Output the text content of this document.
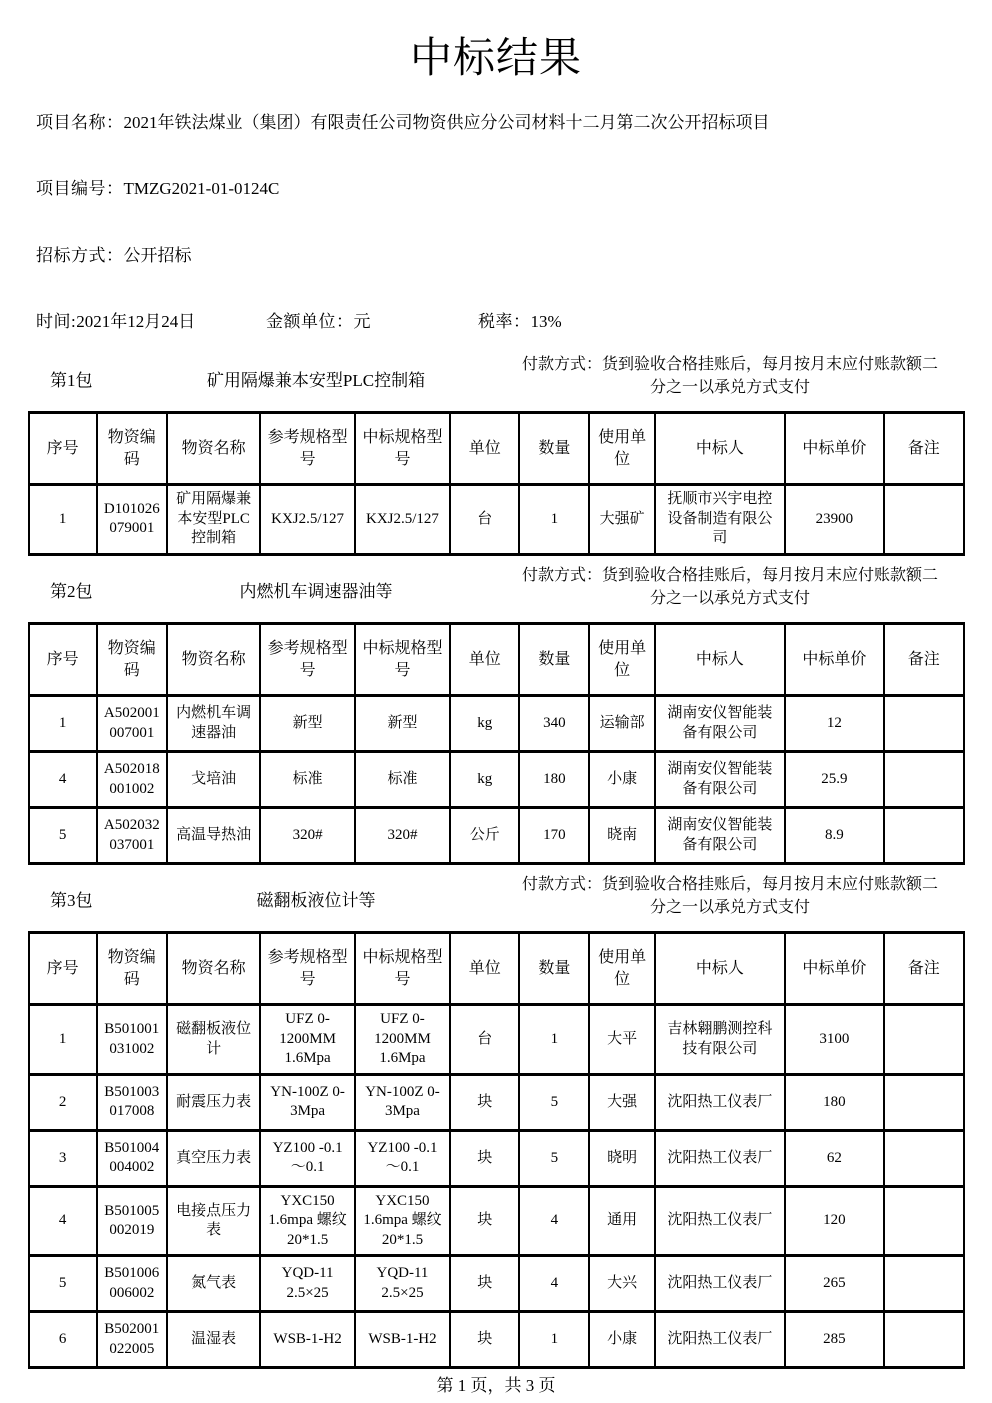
中标结果
项目名称：2021年铁法煤业（集团）有限责任公司物资供应分公司材料十二月第二次公开招标项目
项目编号：TMZG2021-01-0124C
招标方式：公开招标
时间:2021年12月24日	金额单位：元	税率：13%
第1包	矿用隔爆兼本安型PLC控制箱
付款方式：货到验收合格挂账后，每月按月末应付账款额二
分之一以承兑方式支付
序号	物资编码	物资名称	参考规格型号	中标规格型号	单位	数量	使用单位	中标人	中标单价	备注
1	D101026079001	矿用隔爆兼本安型PLC控制箱	KXJ2.5/127	KXJ2.5/127	台	1	大强矿	抚顺市兴宇电控设备制造有限公司	23900	
第2包	内燃机车调速器油等
付款方式：货到验收合格挂账后，每月按月末应付账款额二
分之一以承兑方式支付
序号	物资编码	物资名称	参考规格型号	中标规格型号	单位	数量	使用单位	中标人	中标单价	备注
1	A502001007001	内燃机车调速器油	新型	新型	kg	340	运输部	湖南安仪智能装备有限公司	12	
4	A502018001002	戈培油	标准	标准	kg	180	小康	湖南安仪智能装备有限公司	25.9	
5	A502032037001	高温导热油	320#	320#	公斤	170	晓南	湖南安仪智能装备有限公司	8.9	
第3包	磁翻板液位计等
付款方式：货到验收合格挂账后，每月按月末应付账款额二
分之一以承兑方式支付
序号	物资编码	物资名称	参考规格型号	中标规格型号	单位	数量	使用单位	中标人	中标单价	备注
1	B501001031002	磁翻板液位计	UFZ 0-1200MM 1.6Mpa	UFZ 0-1200MM 1.6Mpa	台	1	大平	吉林翱鹏测控科技有限公司	3100	
2	B501003017008	耐震压力表	YN-100Z 0-3Mpa	YN-100Z 0-3Mpa	块	5	大强	沈阳热工仪表厂	180	
3	B501004004002	真空压力表	YZ100 -0.1～0.1	YZ100 -0.1～0.1	块	5	晓明	沈阳热工仪表厂	62	
4	B501005002019	电接点压力表	YXC150 1.6mpa 螺纹20*1.5	YXC150 1.6mpa 螺纹20*1.5	块	4	通用	沈阳热工仪表厂	120	
5	B501006006002	氮气表	YQD-11 2.5×25	YQD-11 2.5×25	块	4	大兴	沈阳热工仪表厂	265	
6	B502001022005	温湿表	WSB-1-H2	WSB-1-H2	块	1	小康	沈阳热工仪表厂	285	
第 1 页，共 3 页
